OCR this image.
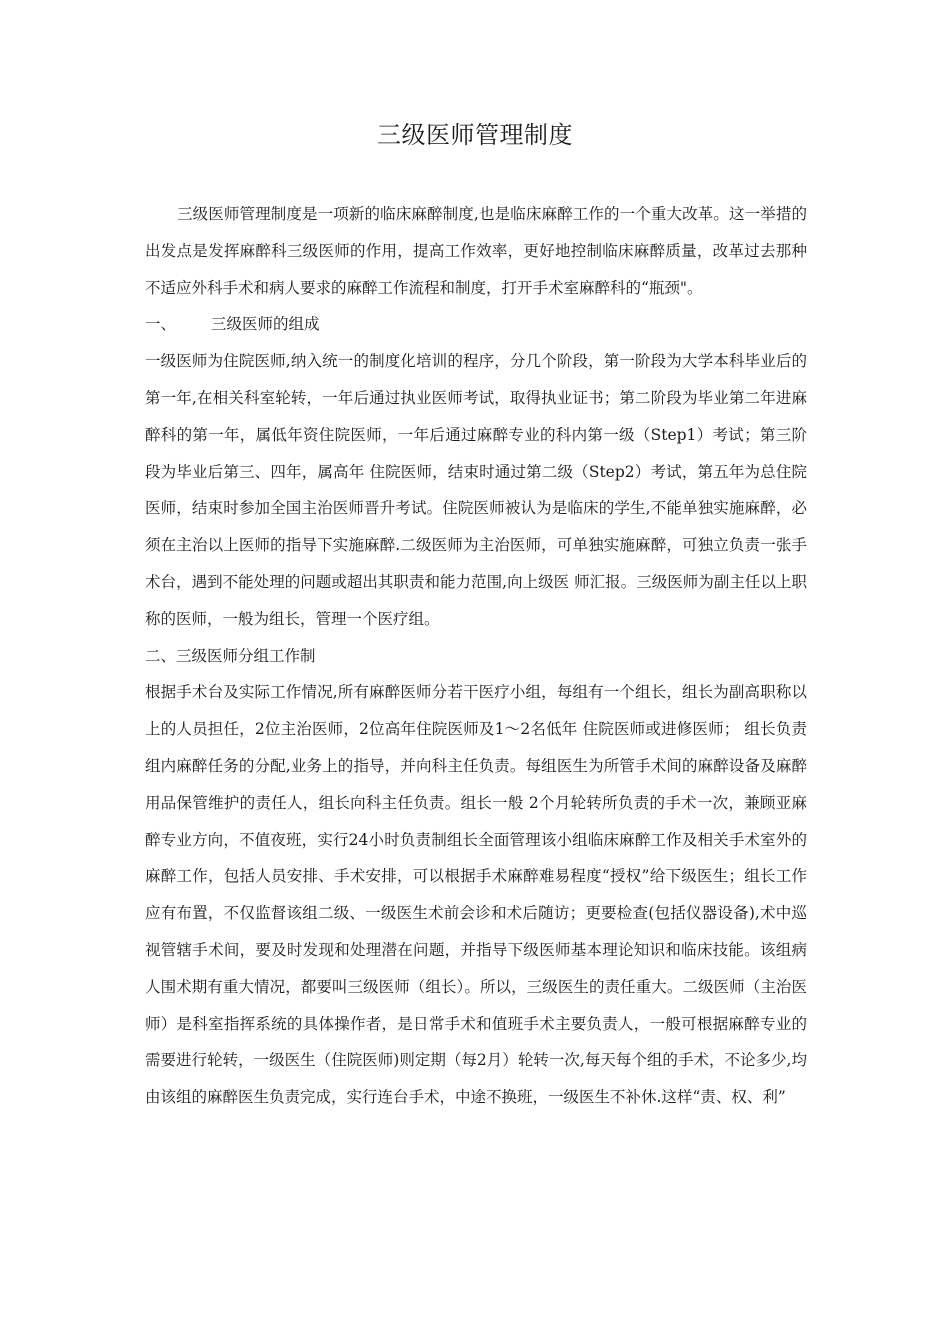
三级医师管理制度

三级医师管理制度是一项新的临床麻醉制度,也是临床麻醉工作的一个重大改革。这一举措的出发点是发挥麻醉科三级医师的作用，提高工作效率，更好地控制临床麻醉质量，改革过去那种不适应外科手术和病人要求的麻醉工作流程和制度，打开手术室麻醉科的“瓶颈"。

一、 三级医师的组成

一级医师为住院医师,纳入统一的制度化培训的程序，分几个阶段，第一阶段为大学本科毕业后的第一年,在相关科室轮转，一年后通过执业医师考试，取得执业证书；第二阶段为毕业第二年进麻醉科的第一年，属低年资住院医师，一年后通过麻醉专业的科内第一级（Step1）考试；第三阶段为毕业后第三、四年，属高年 住院医师，结束时通过第二级（Step2）考试，第五年为总住院医师，结束时参加全国主治医师晋升考试。住院医师被认为是临床的学生,不能单独实施麻醉，必须在主治以上医师的指导下实施麻醉.二级医师为主治医师，可单独实施麻醉，可独立负责一张手术台，遇到不能处理的问题或超出其职责和能力范围,向上级医 师汇报。三级医师为副主任以上职称的医师，一般为组长，管理一个医疗组。

二、三级医师分组工作制

根据手术台及实际工作情况,所有麻醉医师分若干医疗小组，每组有一个组长，组长为副高职称以上的人员担任，2位主治医师，2位高年住院医师及1～2名低年 住院医师或进修医师； 组长负责组内麻醉任务的分配,业务上的指导，并向科主任负责。每组医生为所管手术间的麻醉设备及麻醉用品保管维护的责任人，组长向科主任负责。组长一般 2个月轮转所负责的手术一次，兼顾亚麻醉专业方向，不值夜班，实行24小时负责制组长全面管理该小组临床麻醉工作及相关手术室外的麻醉工作，包括人员安排、手术安排，可以根据手术麻醉难易程度“授权”给下级医生；组长工作应有布置，不仅监督该组二级、一级医生术前会诊和术后随访；更要检查(包括仪器设备),术中巡视管辖手术间，要及时发现和处理潜在问题，并指导下级医师基本理论知识和临床技能。该组病人围术期有重大情况，都要叫三级医师（组长）。所以，三级医生的责任重大。二级医师（主治医师）是科室指挥系统的具体操作者，是日常手术和值班手术主要负责人，一般可根据麻醉专业的需要进行轮转，一级医生（住院医师)则定期（每2月）轮转一次,每天每个组的手术，不论多少,均由该组的麻醉医生负责完成，实行连台手术，中途不换班，一级医生不补休.这样“责、权、利”
